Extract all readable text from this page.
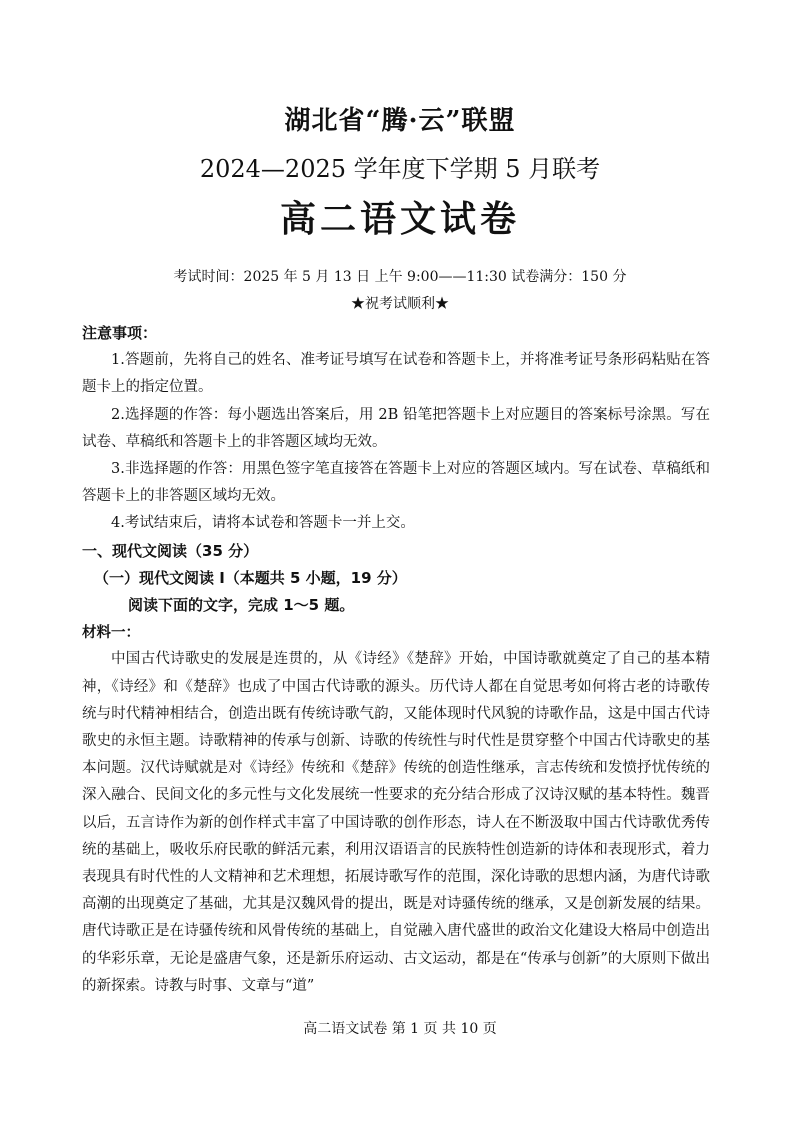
湖北省“腾·云”联盟
2024—2025 学年度下学期 5 月联考
高二语文试卷
考试时间：2025 年 5 月 13 日 上午 9:00——11:30 试卷满分：150 分
★祝考试顺利★

注意事项：

1.答题前，先将自己的姓名、准考证号填写在试卷和答题卡上，并将准考证号条形码粘贴在答题卡上的指定位置。

2.选择题的作答：每小题选出答案后，用 2B 铅笔把答题卡上对应题目的答案标号涂黑。写在试卷、草稿纸和答题卡上的非答题区域均无效。

3.非选择题的作答：用黑色签字笔直接答在答题卡上对应的答题区域内。写在试卷、草稿纸和答题卡上的非答题区域均无效。

4.考试结束后，请将本试卷和答题卡一并上交。

一、现代文阅读（35 分）

（一）现代文阅读 I（本题共 5 小题，19 分）

阅读下面的文字，完成 1～5 题。

材料一：

中国古代诗歌史的发展是连贯的，从《诗经》《楚辞》开始，中国诗歌就奠定了自己的基本精神，《诗经》和《楚辞》也成了中国古代诗歌的源头。历代诗人都在自觉思考如何将古老的诗歌传统与时代精神相结合，创造出既有传统诗歌气韵，又能体现时代风貌的诗歌作品，这是中国古代诗歌史的永恒主题。诗歌精神的传承与创新、诗歌的传统性与时代性是贯穿整个中国古代诗歌史的基本问题。汉代诗赋就是对《诗经》传统和《楚辞》传统的创造性继承，言志传统和发愤抒忧传统的深入融合、民间文化的多元性与文化发展统一性要求的充分结合形成了汉诗汉赋的基本特性。魏晋以后，五言诗作为新的创作样式丰富了中国诗歌的创作形态，诗人在不断汲取中国古代诗歌优秀传统的基础上，吸收乐府民歌的鲜活元素，利用汉语语言的民族特性创造新的诗体和表现形式，着力表现具有时代性的人文精神和艺术理想，拓展诗歌写作的范围，深化诗歌的思想内涵，为唐代诗歌高潮的出现奠定了基础，尤其是汉魏风骨的提出，既是对诗骚传统的继承，又是创新发展的结果。唐代诗歌正是在诗骚传统和风骨传统的基础上，自觉融入唐代盛世的政治文化建设大格局中创造出的华彩乐章，无论是盛唐气象，还是新乐府运动、古文运动，都是在“传承与创新”的大原则下做出的新探索。诗教与时事、文章与“道”

高二语文试卷 第 1 页 共 10 页
